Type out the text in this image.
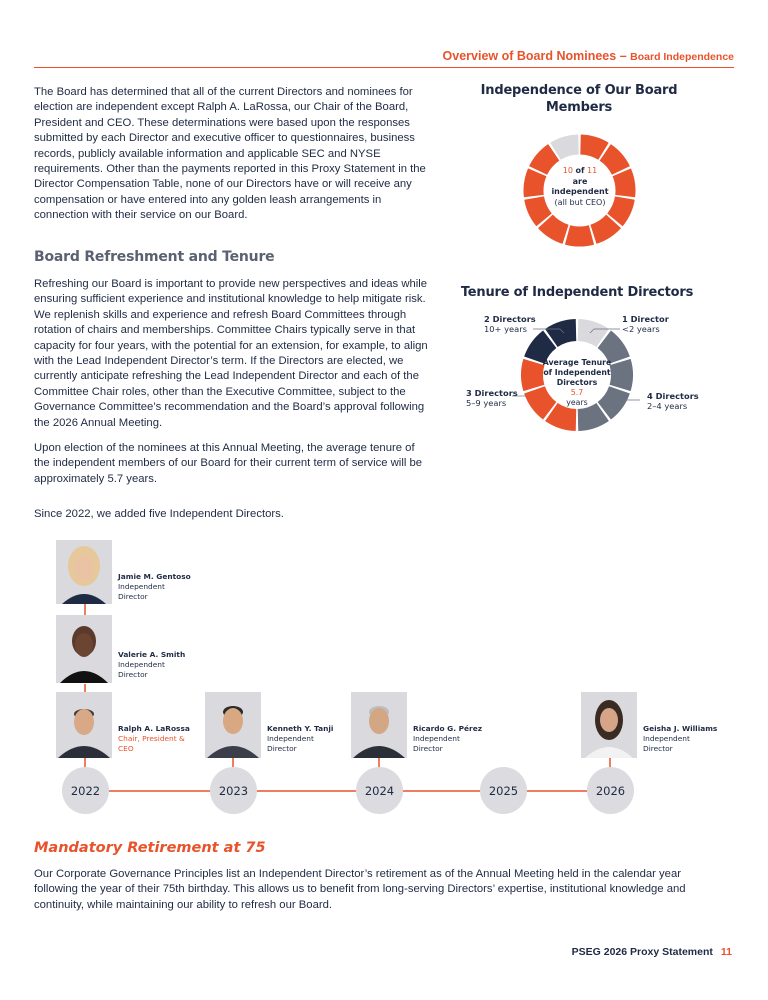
Overview of Board Nominees – Board Independence
The Board has determined that all of the current Directors and nominees for election are independent except Ralph A. LaRossa, our Chair of the Board, President and CEO. These determinations were based upon the responses submitted by each Director and executive officer to questionnaires, business records, publicly available information and applicable SEC and NYSE requirements. Other than the payments reported in this Proxy Statement in the Director Compensation Table, none of our Directors have or will receive any compensation or have entered into any golden leash arrangements in connection with their service on our Board.
Independence of Our Board Members
10 of 11
are
independent
(all but CEO)
Board Refreshment and Tenure
Refreshing our Board is important to provide new perspectives and ideas while ensuring sufficient experience and institutional knowledge to help mitigate risk. We replenish skills and experience and refresh Board Committees through rotation of chairs and memberships. Committee Chairs typically serve in that capacity for four years, with the potential for an extension, for example, to align with the Lead Independent Director’s term. If the Directors are elected, we currently anticipate refreshing the Lead Independent Director and each of the Committee Chair roles, other than the Executive Committee, subject to the Governance Committee’s recommendation and the Board’s approval following the 2026 Annual Meeting.
Upon election of the nominees at this Annual Meeting, the average tenure of the independent members of our Board for their current term of service will be approximately 5.7 years.
Since 2022, we added five Independent Directors.
Tenure of Independent Directors
Average Tenure
of Independent
Directors
5.7
years
2 Directors
10+ years
1 Director
<2 years
4 Directors
2–4 years
3 Directors
5–9 years
Jamie M. Gentoso
Independent
Director
Valerie A. Smith
Independent
Director
Ralph A. LaRossa
Chair, President &
CEO
Kenneth Y. Tanji
Independent
Director
Ricardo G. Pérez
Independent
Director
Geisha J. Williams
Independent
Director
2022	2023	2024	2025	2026
Mandatory Retirement at 75
Our Corporate Governance Principles list an Independent Director’s retirement as of the Annual Meeting held in the calendar year following the year of their 75th birthday. This allows us to benefit from long-serving Directors’ expertise, institutional knowledge and continuity, while maintaining our ability to refresh our Board.
PSEG 2026 Proxy Statement 11
